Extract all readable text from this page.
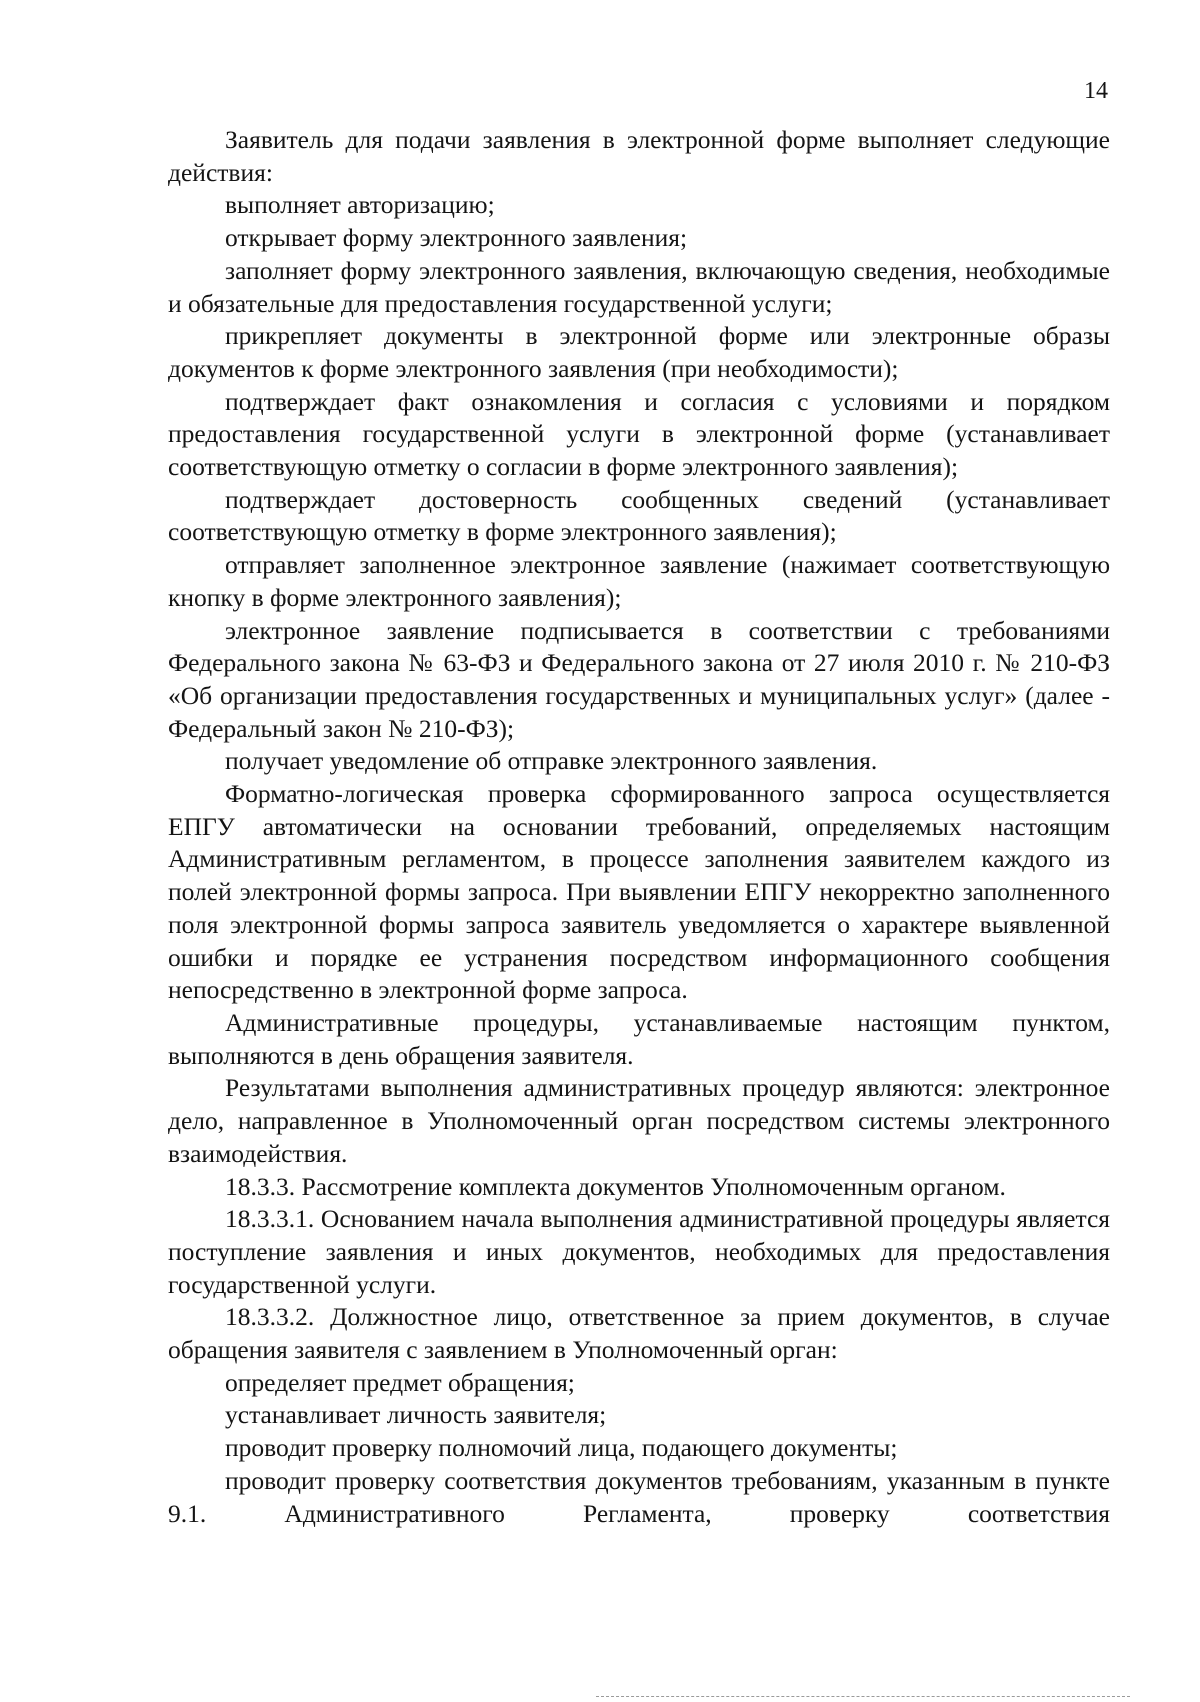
14

Заявитель для подачи заявления в электронной форме выполняет следующие действия:

выполняет авторизацию;

открывает форму электронного заявления;

заполняет форму электронного заявления, включающую сведения, необходимые и обязательные для предоставления государственной услуги;

прикрепляет документы в электронной форме или электронные образы документов к форме электронного заявления (при необходимости);

подтверждает факт ознакомления и согласия с условиями и порядком предоставления государственной услуги в электронной форме (устанавливает соответствующую отметку о согласии в форме электронного заявления);

подтверждает достоверность сообщенных сведений (устанавливает соответствующую отметку в форме электронного заявления);

отправляет заполненное электронное заявление (нажимает соответствующую кнопку в форме электронного заявления);

электронное заявление подписывается в соответствии с требованиями Федерального закона № 63-ФЗ и Федерального закона от 27 июля 2010 г. № 210-ФЗ «Об организации предоставления государственных и муниципальных услуг» (далее - Федеральный закон № 210-ФЗ);

получает уведомление об отправке электронного заявления.

Форматно-логическая проверка сформированного запроса осуществляется ЕПГУ автоматически на основании требований, определяемых настоящим Административным регламентом, в процессе заполнения заявителем каждого из полей электронной формы запроса. При выявлении ЕПГУ некорректно заполненного поля электронной формы запроса заявитель уведомляется о характере выявленной ошибки и порядке ее устранения посредством информационного сообщения непосредственно в электронной форме запроса.

Административные процедуры, устанавливаемые настоящим пунктом, выполняются в день обращения заявителя.

Результатами выполнения административных процедур являются: электронное дело, направленное в Уполномоченный орган посредством системы электронного взаимодействия.

18.3.3. Рассмотрение комплекта документов Уполномоченным органом.

18.3.3.1. Основанием начала выполнения административной процедуры является поступление заявления и иных документов, необходимых для предоставления государственной услуги.

18.3.3.2. Должностное лицо, ответственное за прием документов, в случае обращения заявителя с заявлением в Уполномоченный орган:

определяет предмет обращения;

устанавливает личность заявителя;

проводит проверку полномочий лица, подающего документы;

проводит проверку соответствия документов требованиям, указанным в пункте 9.1. Административного Регламента, проверку соответствия
